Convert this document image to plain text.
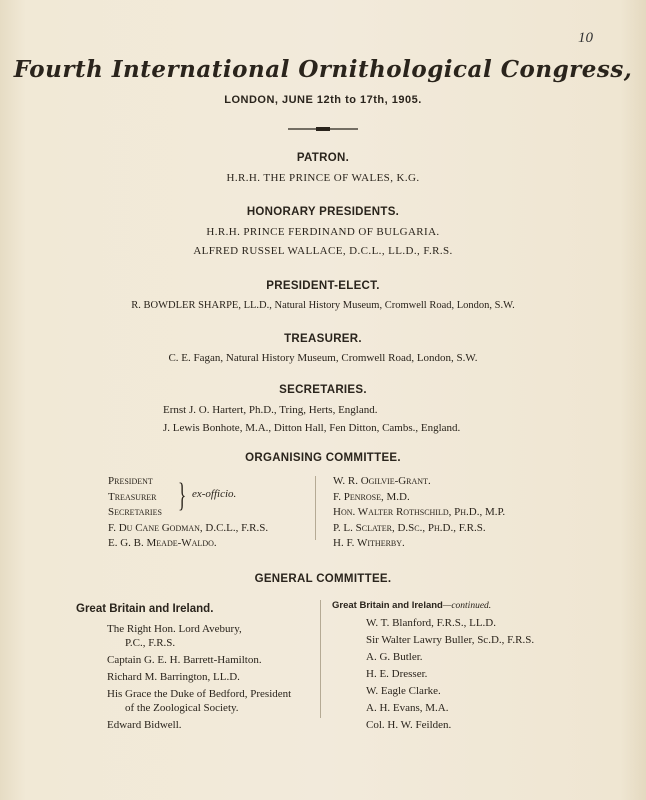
10
Fourth International Ornithological Congress,
LONDON, JUNE 12th to 17th, 1905.
PATRON.
H.R.H. THE PRINCE OF WALES, K.G.
HONORARY PRESIDENTS.
H.R.H. PRINCE FERDINAND OF BULGARIA.
ALFRED RUSSEL WALLACE, D.C.L., LL.D., F.R.S.
PRESIDENT-ELECT.
R. BOWDLER SHARPE, LL.D., Natural History Museum, Cromwell Road, London, S.W.
TREASURER.
C. E. Fagan, Natural History Museum, Cromwell Road, London, S.W.
SECRETARIES.
Ernst J. O. Hartert, Ph.D., Tring, Herts, England.
J. Lewis Bonhote, M.A., Ditton Hall, Fen Ditton, Cambs., England.
ORGANISING COMMITTEE.
President
Treasurer
Secretaries
F. Du Cane Godman, D.C.L., F.R.S.
E. G. B. Meade-Waldo.
} ex-officio.
W. R. Ogilvie-Grant.
F. Penrose, M.D.
Hon. Walter Rothschild, Ph.D., M.P.
P. L. Sclater, D.Sc., Ph.D., F.R.S.
H. F. Witherby.
GENERAL COMMITTEE.
Great Britain and Ireland.
The Right Hon. Lord Avebury,
P.C., F.R.S.
Captain G. E. H. Barrett-Hamilton.
Richard M. Barrington, LL.D.
His Grace the Duke of Bedford, President
of the Zoological Society.
Edward Bidwell.
Great Britain and Ireland—continued.
W. T. Blanford, F.R.S., LL.D.
Sir Walter Lawry Buller, Sc.D., F.R.S.
A. G. Butler.
H. E. Dresser.
W. Eagle Clarke.
A. H. Evans, M.A.
Col. H. W. Feilden.
